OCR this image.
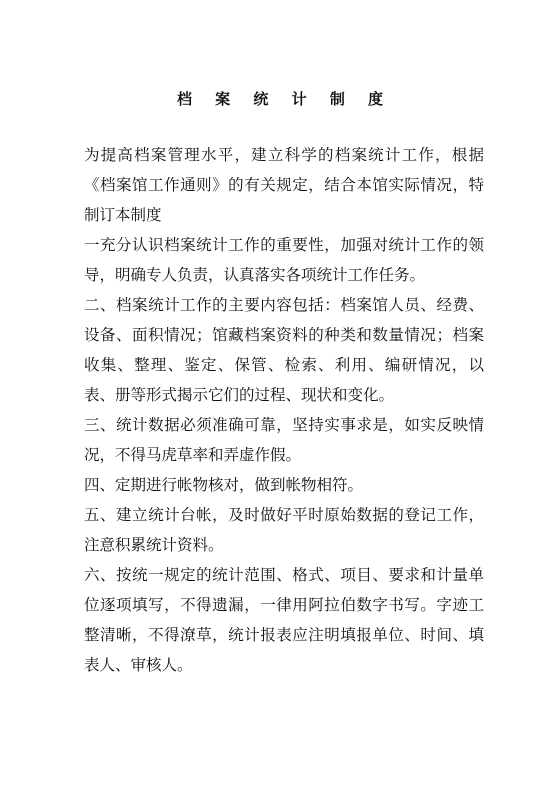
档 案 统 计 制 度

为提高档案管理水平，建立科学的档案统计工作，根据《档案馆工作通则》的有关规定，结合本馆实际情况，特制订本制度

一充分认识档案统计工作的重要性，加强对统计工作的领导，明确专人负责，认真落实各项统计工作任务。

二、档案统计工作的主要内容包括：档案馆人员、经费、设备、面积情况；馆藏档案资料的种类和数量情况；档案收集、整理、鉴定、保管、检索、利用、编研情况，以表、册等形式揭示它们的过程、现状和变化。

三、统计数据必须准确可靠，坚持实事求是，如实反映情况，不得马虎草率和弄虚作假。

四、定期进行帐物核对，做到帐物相符。

五、建立统计台帐，及时做好平时原始数据的登记工作，注意积累统计资料。

六、按统一规定的统计范围、格式、项目、要求和计量单位逐项填写，不得遗漏，一律用阿拉伯数字书写。字迹工整清晰，不得潦草，统计报表应注明填报单位、时间、填表人、审核人。
